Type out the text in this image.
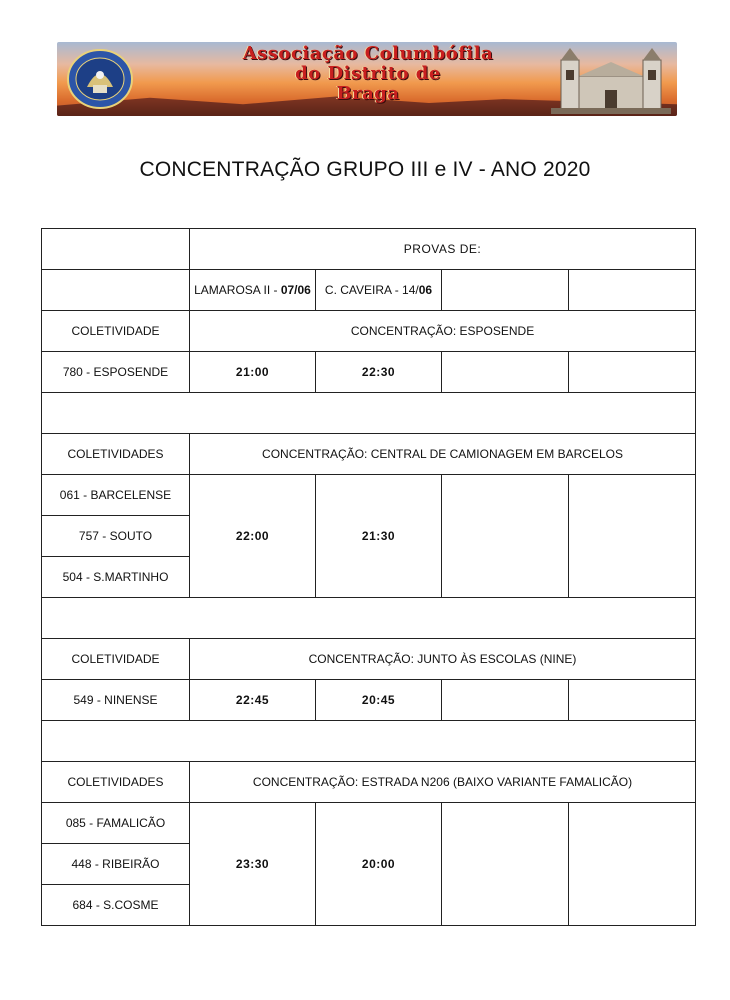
Associação Columbófila
do Distrito de
Braga
CONCENTRAÇÃO GRUPO III e IV - ANO 2020
	PROVAS DE:			
	LAMAROSA II - 07/06	C. CAVEIRA - 14/06		
COLETIVIDADE	CONCENTRAÇÃO: ESPOSENDE			
780 - ESPOSENDE	21:00	22:30		

COLETIVIDADES	CONCENTRAÇÃO: CENTRAL DE CAMIONAGEM EM BARCELOS			
061 - BARCELENSE	22:00	21:30		
757 - SOUTO				
504 - S.MARTINHO				

COLETIVIDADE	CONCENTRAÇÃO: JUNTO ÀS ESCOLAS (NINE)			
549 - NINENSE	22:45	20:45		

COLETIVIDADES	CONCENTRAÇÃO: ESTRADA N206 (BAIXO VARIANTE FAMALICÃO)			
085 - FAMALICÃO	23:30	20:00		
448 - RIBEIRÃO				
684 - S.COSME				
